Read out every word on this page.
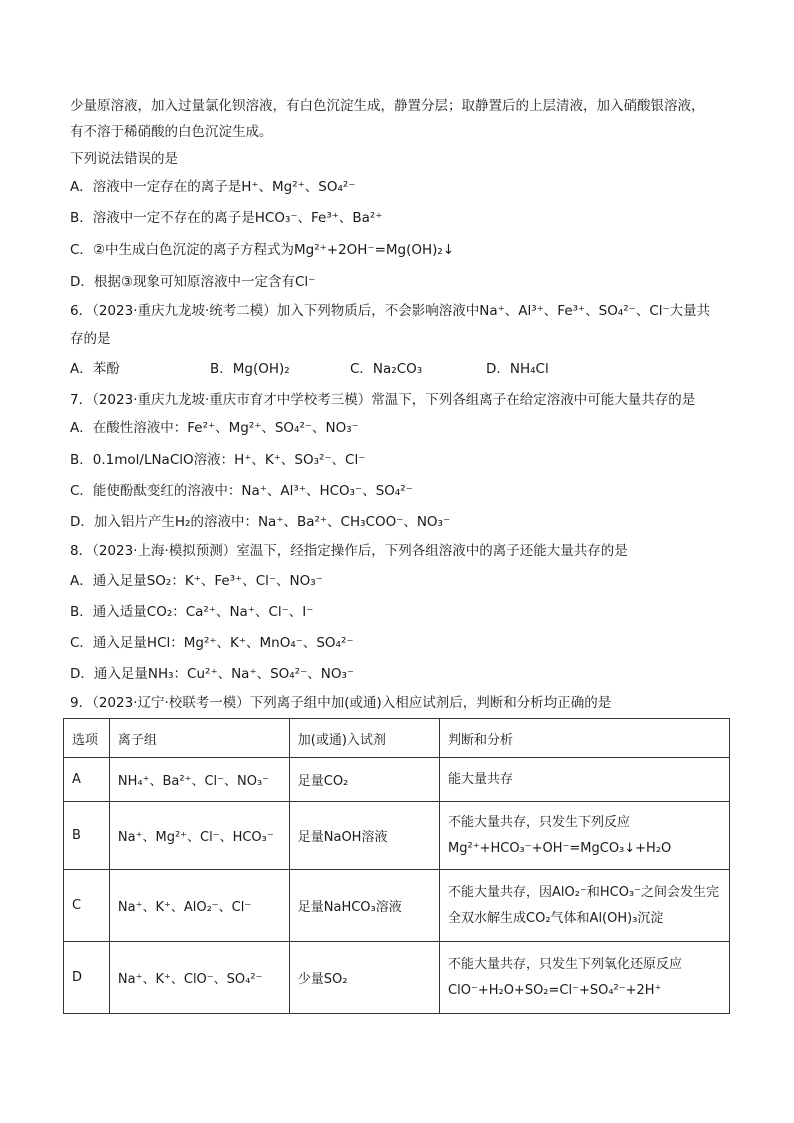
少量原溶液，加入过量氯化钡溶液，有白色沉淀生成，静置分层；取静置后的上层清液，加入硝酸银溶液，
有不溶于稀硝酸的白色沉淀生成。
下列说法错误的是
A．溶液中一定存在的离子是H⁺、Mg²⁺、SO₄²⁻
B．溶液中一定不存在的离子是HCO₃⁻、Fe³⁺、Ba²⁺
C．②中生成白色沉淀的离子方程式为Mg²⁺+2OH⁻=Mg(OH)₂↓
D．根据③现象可知原溶液中一定含有Cl⁻
6．（2023·重庆九龙坡·统考二模）加入下列物质后，不会影响溶液中Na⁺、Al³⁺、Fe³⁺、SO₄²⁻、Cl⁻大量共
存的是
A．苯酚	B．Mg(OH)₂	C．Na₂CO₃	D．NH₄Cl
7．（2023·重庆九龙坡·重庆市育才中学校考三模）常温下，下列各组离子在给定溶液中可能大量共存的是
A．在酸性溶液中：Fe²⁺、Mg²⁺、SO₄²⁻、NO₃⁻
B．0.1mol/LNaClO溶液：H⁺、K⁺、SO₃²⁻、Cl⁻
C．能使酚酞变红的溶液中：Na⁺、Al³⁺、HCO₃⁻、SO₄²⁻
D．加入铝片产生H₂的溶液中：Na⁺、Ba²⁺、CH₃COO⁻、NO₃⁻
8．（2023·上海·模拟预测）室温下，经指定操作后，下列各组溶液中的离子还能大量共存的是
A．通入足量SO₂：K⁺、Fe³⁺、Cl⁻、NO₃⁻
B．通入适量CO₂：Ca²⁺、Na⁺、Cl⁻、I⁻
C．通入足量HCl：Mg²⁺、K⁺、MnO₄⁻、SO₄²⁻
D．通入足量NH₃：Cu²⁺、Na⁺、SO₄²⁻、NO₃⁻
9．（2023·辽宁·校联考一模）下列离子组中加(或通)入相应试剂后，判断和分析均正确的是
选项	离子组	加(或通)入试剂	判断和分析
A	NH₄⁺、Ba²⁺、Cl⁻、NO₃⁻	足量CO₂	能大量共存

B	Na⁺、Mg²⁺、Cl⁻、HCO₃⁻	足量NaOH溶液	不能大量共存，只发生下列反应
Mg²⁺+HCO₃⁻+OH⁻=MgCO₃↓+H₂O

C	Na⁺、K⁺、AlO₂⁻、Cl⁻	足量NaHCO₃溶液	不能大量共存，因AlO₂⁻和HCO₃⁻之间会发生完
全双水解生成CO₂气体和Al(OH)₃沉淀

D	Na⁺、K⁺、ClO⁻、SO₄²⁻	少量SO₂	不能大量共存，只发生下列氧化还原反应
ClO⁻+H₂O+SO₂=Cl⁻+SO₄²⁻+2H⁺
